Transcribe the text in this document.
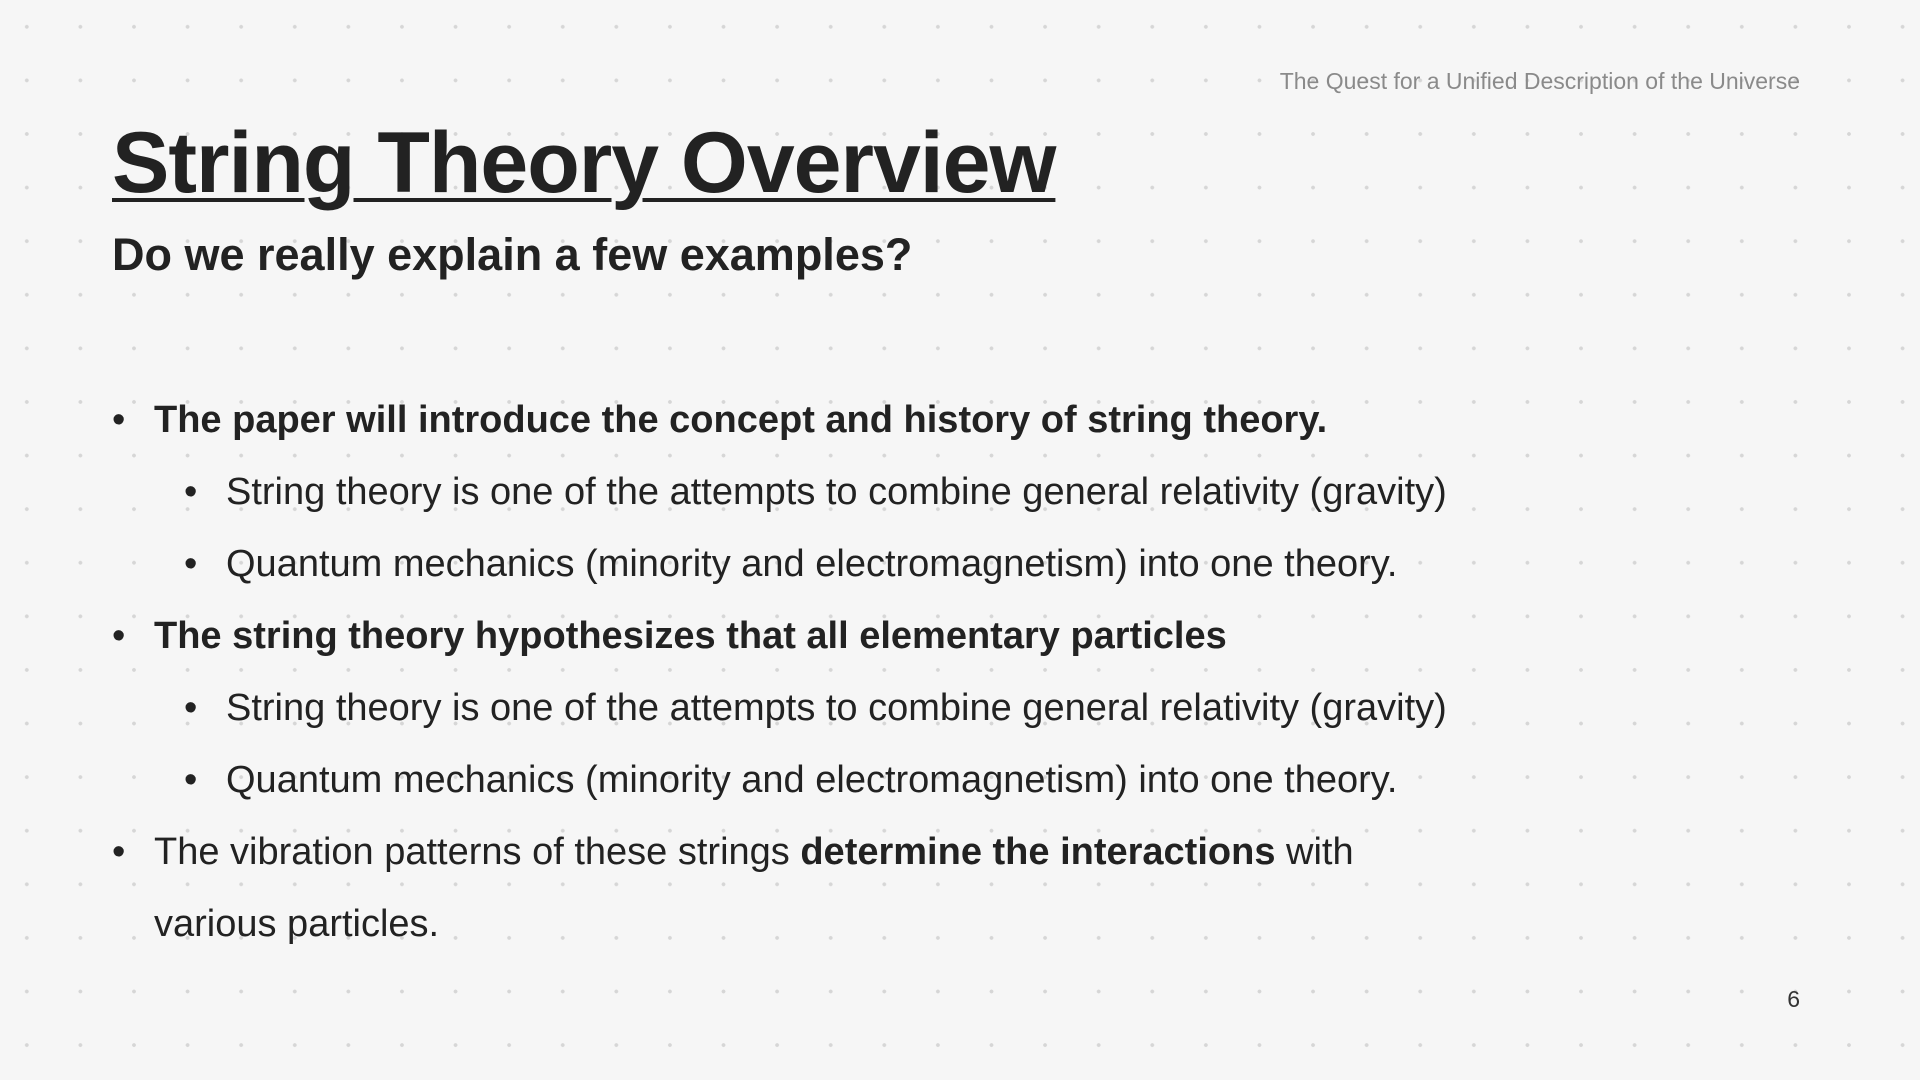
The Quest for a Unified Description of the Universe
String Theory Overview
Do we really explain a few examples?
• The paper will introduce the concept and history of string theory.
• String theory is one of the attempts to combine general relativity (gravity)
• Quantum mechanics (minority and electromagnetism) into one theory.
• The string theory hypothesizes that all elementary particles
• String theory is one of the attempts to combine general relativity (gravity)
• Quantum mechanics (minority and electromagnetism) into one theory.
• The vibration patterns of these strings determine the interactions with various particles.
6
